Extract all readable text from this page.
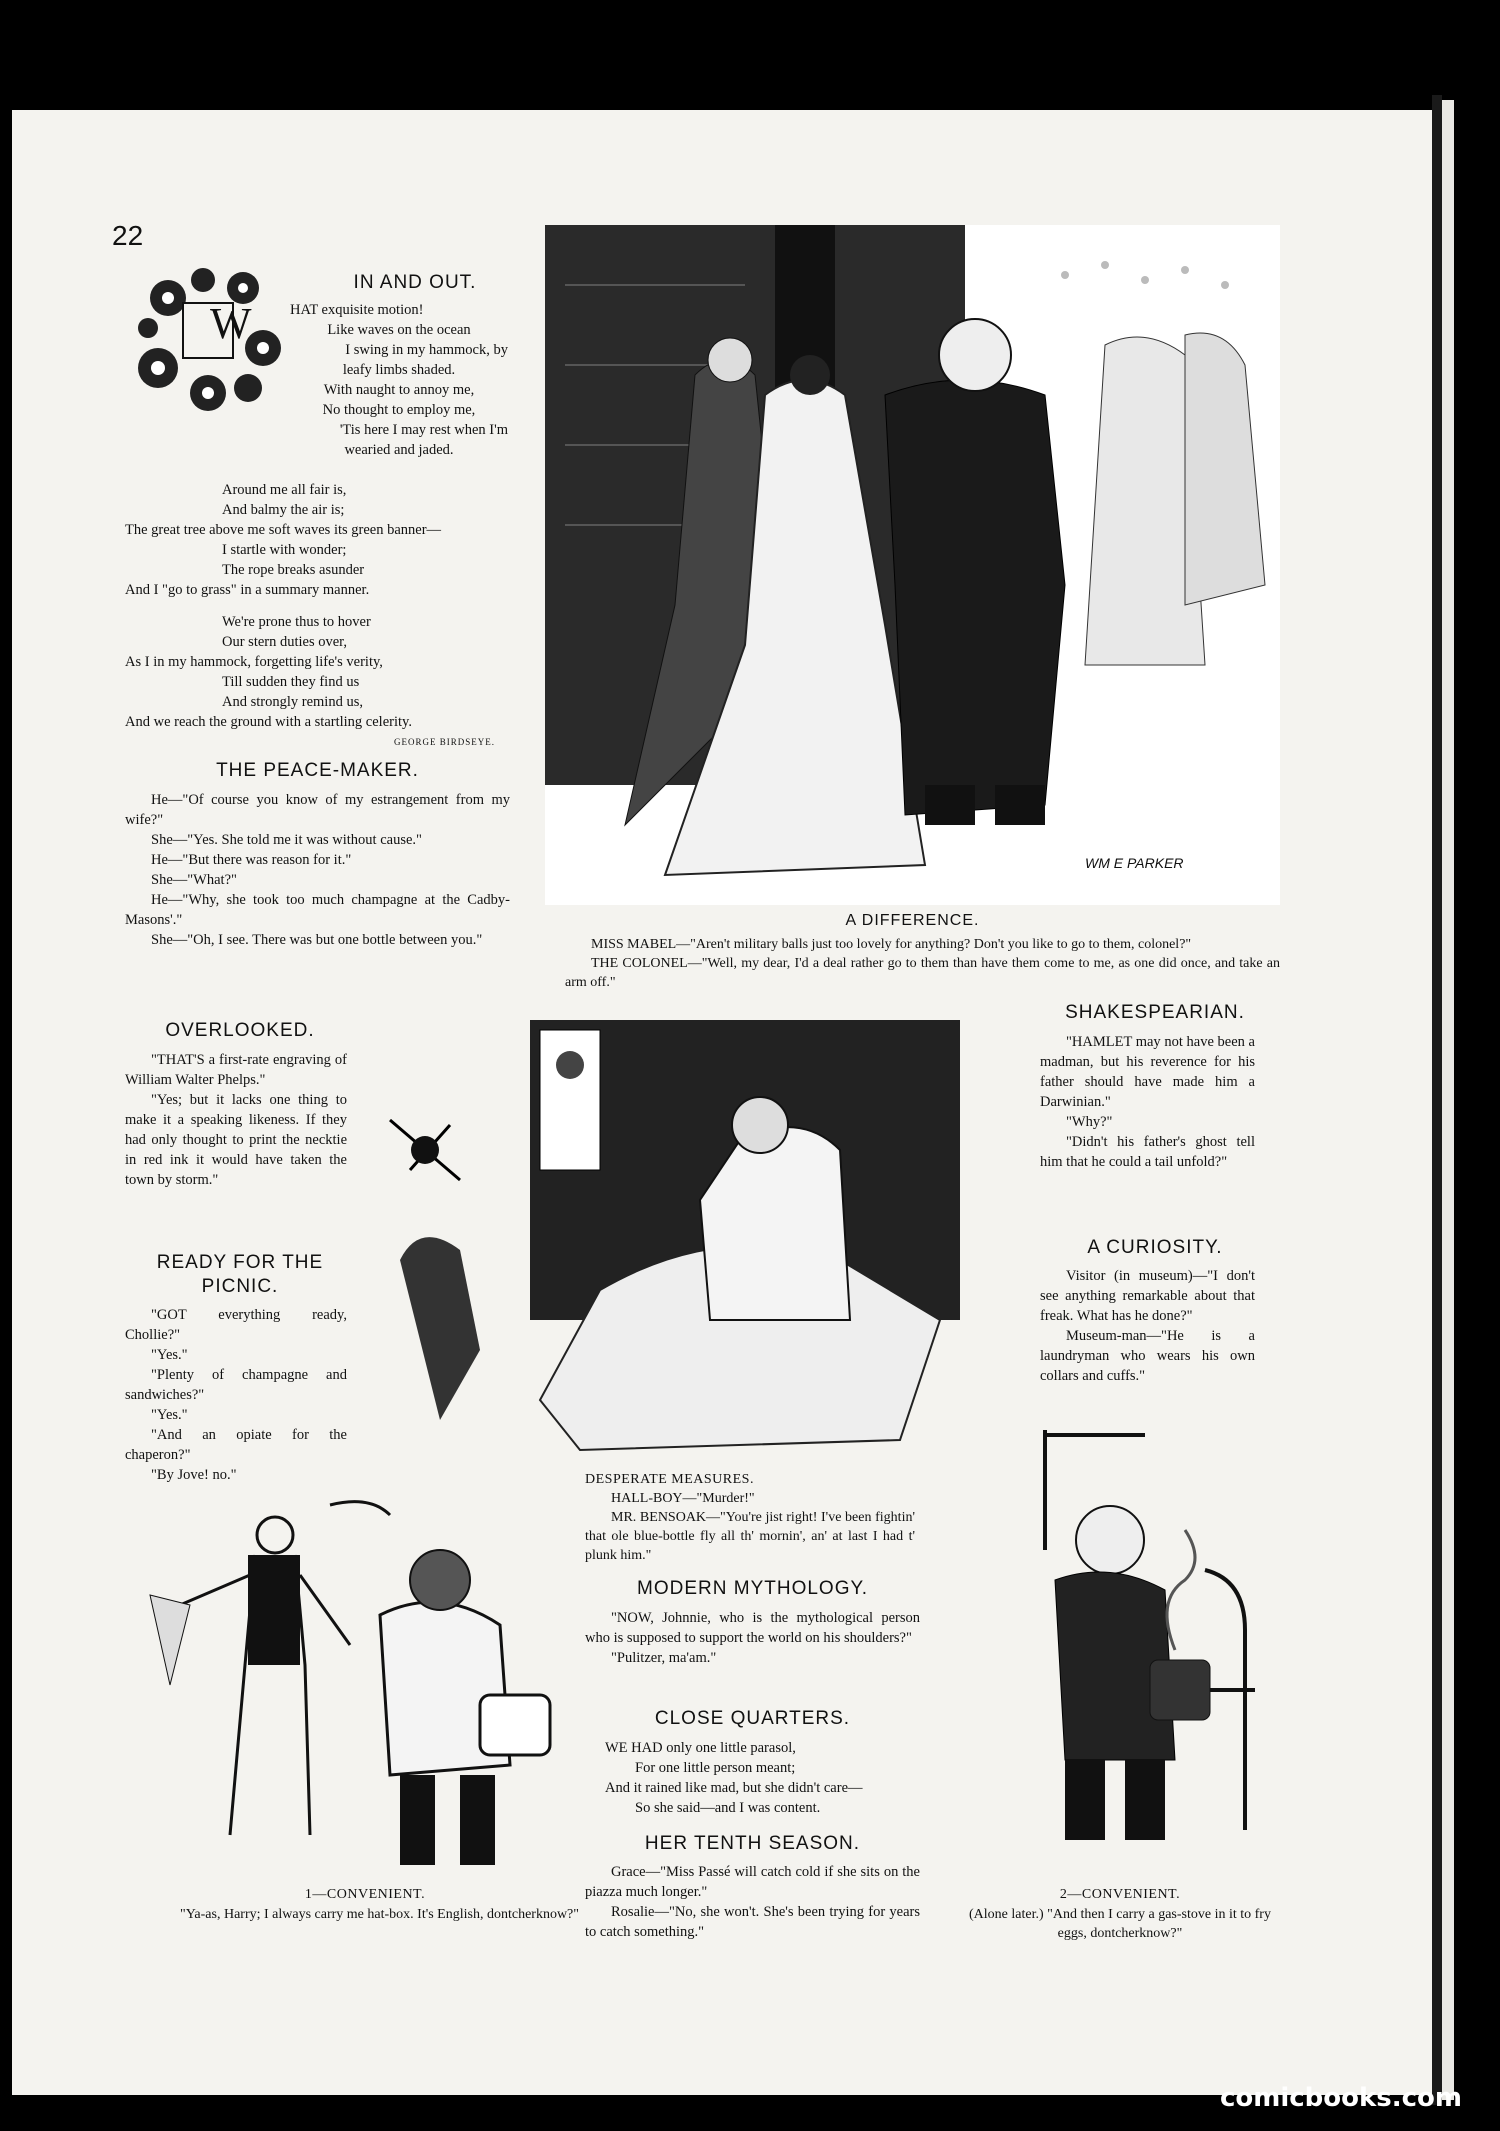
22
W
IN AND OUT.

HAT exquisite motion!

Like waves on the ocean

I swing in my hammock, by

leafy limbs shaded.

With naught to annoy me,

No thought to employ me,

'Tis here I may rest when I'm

wearied and jaded.

Around me all fair is,

And balmy the air is;

The great tree above me soft waves its green banner—

I startle with wonder;

The rope breaks asunder

And I "go to grass" in a summary manner.

We're prone thus to hover

Our stern duties over,

As I in my hammock, forgetting life's verity,

Till sudden they find us

And strongly remind us,

And we reach the ground with a startling celerity.

GEORGE BIRDSEYE.
THE PEACE-MAKER.

He—"Of course you know of my estrangement from my wife?"

She—"Yes. She told me it was without cause."

He—"But there was reason for it."

She—"What?"

He—"Why, she took too much champagne at the Cadby-Masons'."

She—"Oh, I see. There was but one bottle between you."

WM E PARKER
A DIFFERENCE.

MISS MABEL—"Aren't military balls just too lovely for anything? Don't you like to go to them, colonel?"

THE COLONEL—"Well, my dear, I'd a deal rather go to them than have them come to me, as one did once, and take an arm off."

OVERLOOKED.

"THAT'S a first-rate engraving of William Walter Phelps."

"Yes; but it lacks one thing to make it a speaking likeness. If they had only thought to print the necktie in red ink it would have taken the town by storm."

READY FOR THE
PICNIC.

"GOT everything ready, Chollie?"

"Yes."

"Plenty of champagne and sandwiches?"

"Yes."

"And an opiate for the chaperon?"

"By Jove! no."	DESPERATE MEASURES.

HALL-BOY—"Murder!"

MR. BENSOAK—"You're jist right! I've been fightin' that ole blue-bottle fly all th' mornin', an' at last I had t' plunk him."

SHAKESPEARIAN.

"HAMLET may not have been a madman, but his reverence for his father should have made him a Darwinian."

"Why?"

"Didn't his father's ghost tell him that he could a tail unfold?"

A CURIOSITY.

Visitor (in museum)—"I don't see anything remarkable about that freak. What has he done?"

Museum-man—"He is a laundryman who wears his own collars and cuffs."

1—CONVENIENT.
"Ya-as, Harry; I always carry me hat-box. It's English, dontcherknow?"
MODERN MYTHOLOGY.

"NOW, Johnnie, who is the mythological person who is supposed to support the world on his shoulders?"

"Pulitzer, ma'am."

CLOSE QUARTERS.

WE HAD only one little parasol,

For one little person meant;

And it rained like mad, but she didn't care—

So she said—and I was content.

HER TENTH SEASON.

Grace—"Miss Passé will catch cold if she sits on the piazza much longer."

Rosalie—"No, she won't. She's been trying for years to catch something."

2—CONVENIENT.
(Alone later.) "And then I carry a gas-stove in it to fry eggs, dontcherknow?"
comicbooks.com
